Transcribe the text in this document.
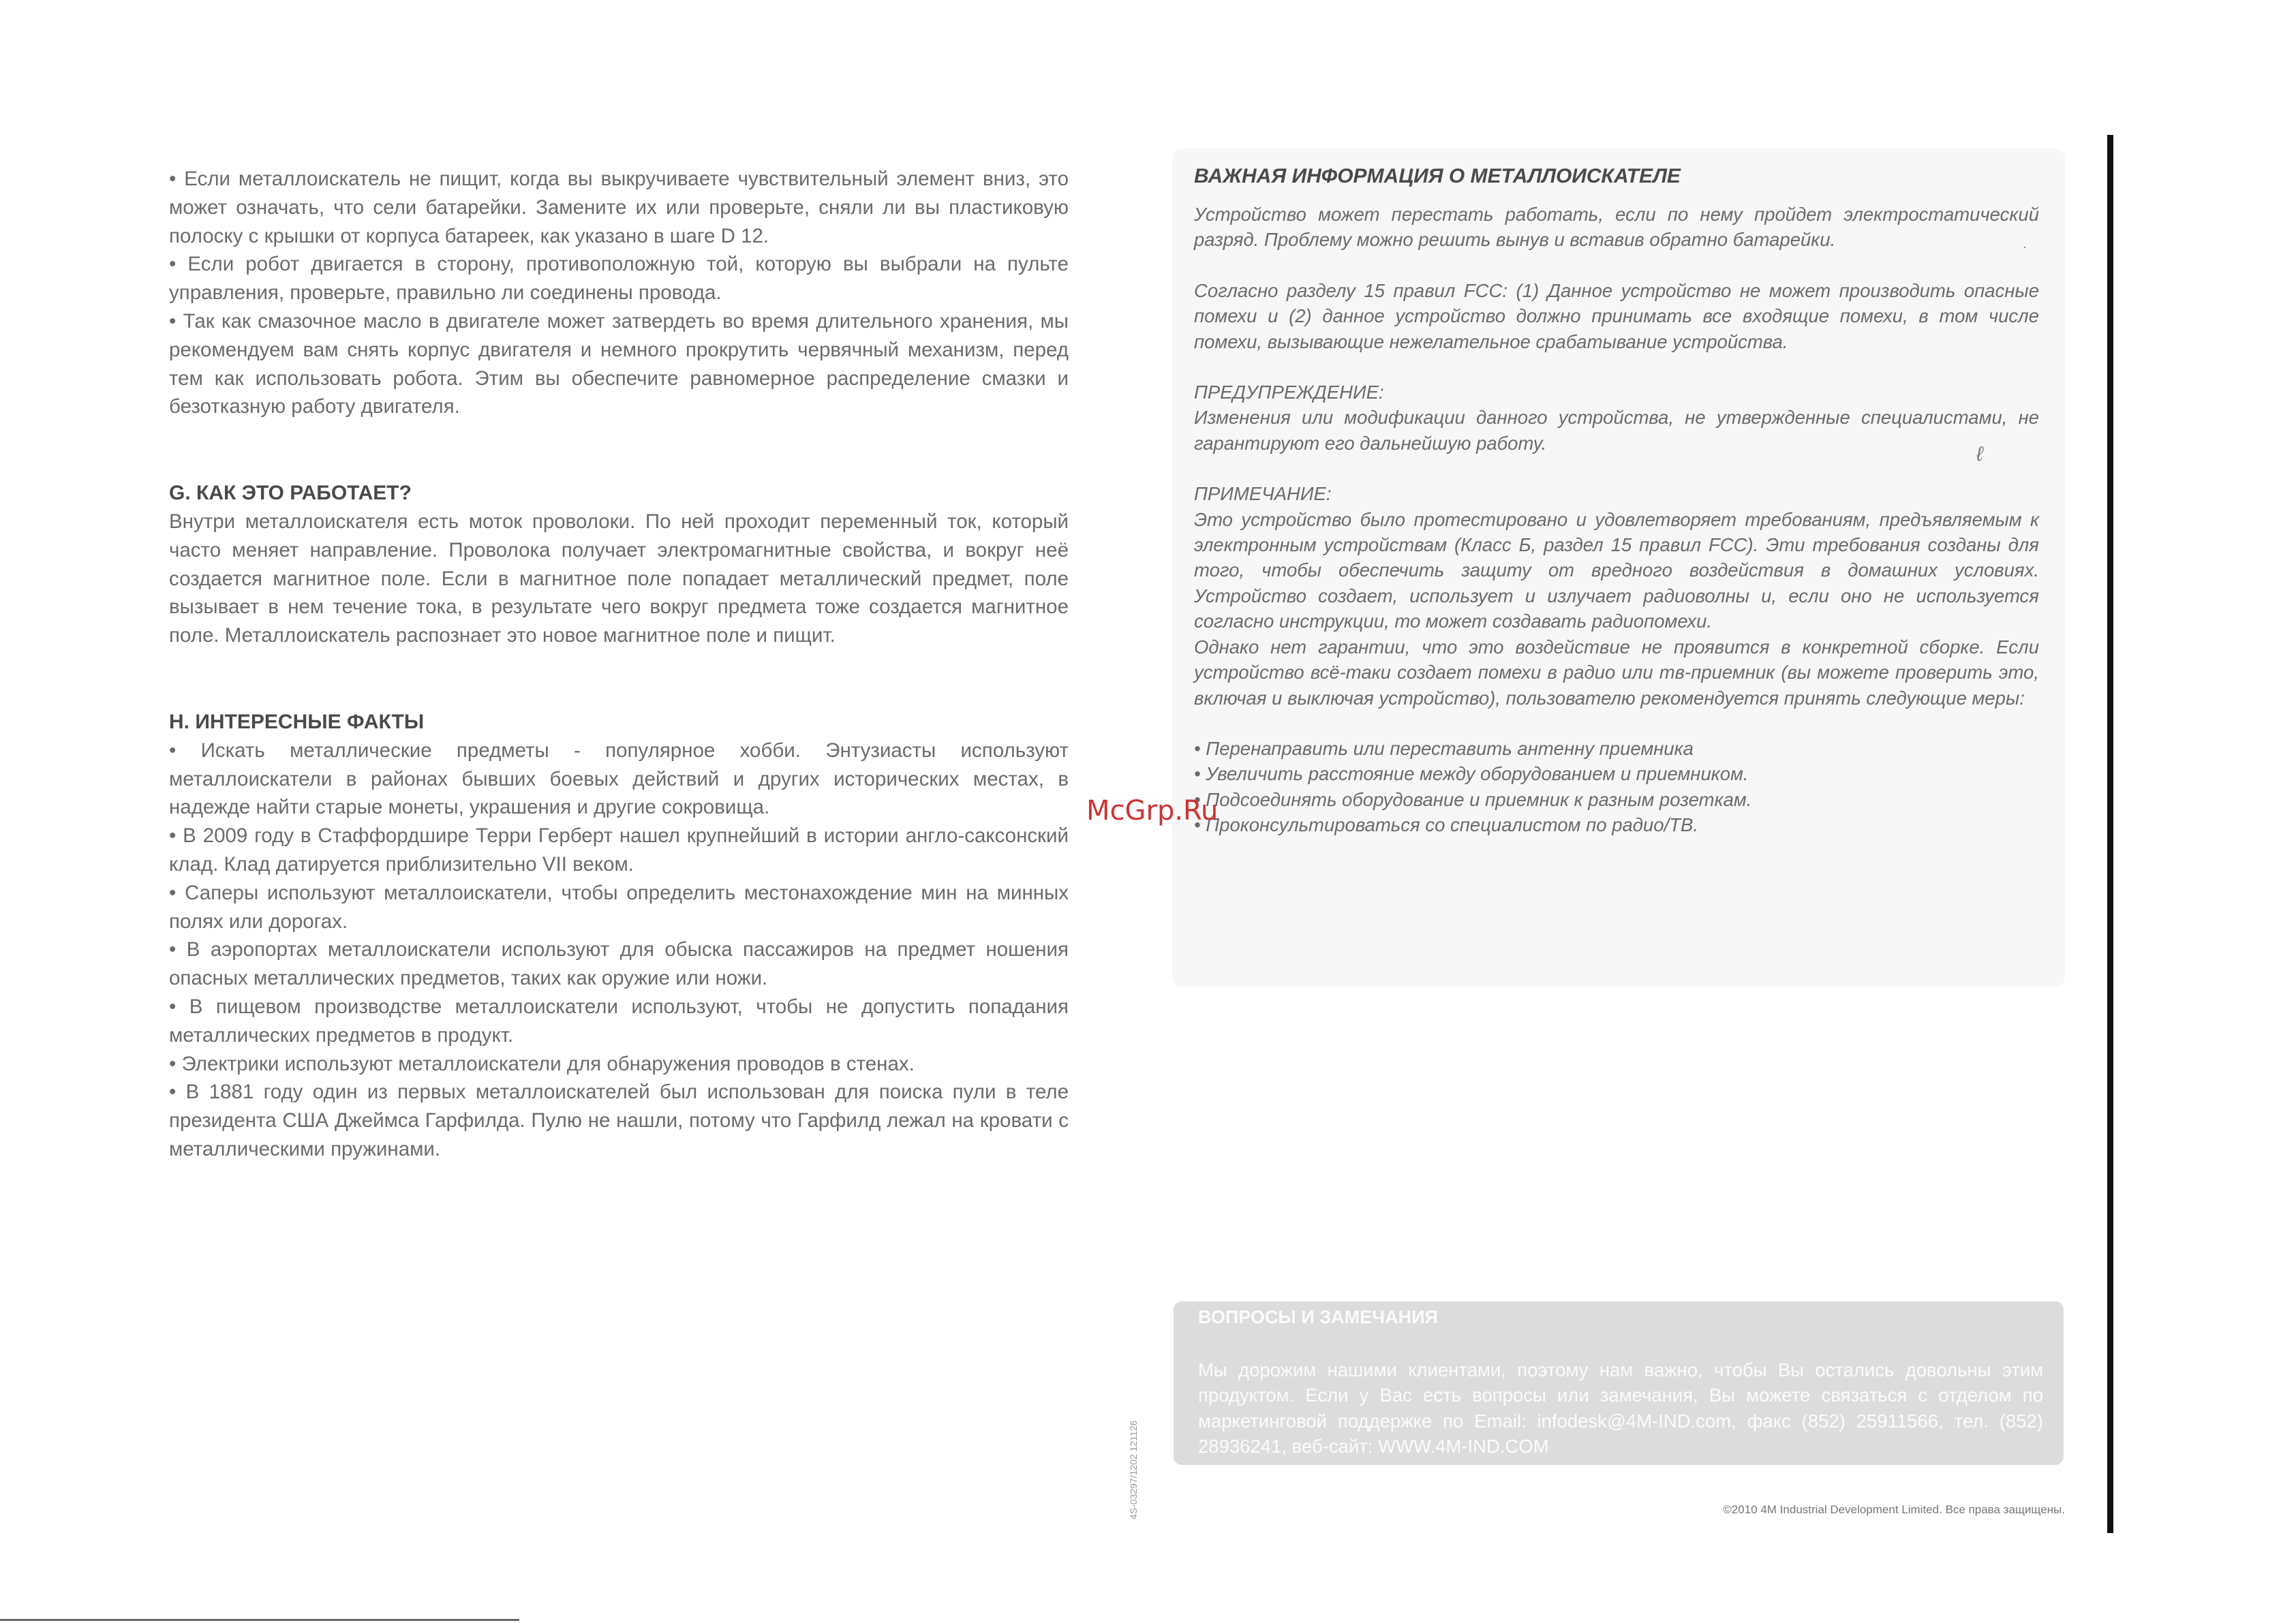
• Если металлоискатель не пищит, когда вы выкручиваете чувствительный элемент вниз, это может означать, что сели батарейки. Замените их или проверьте, сняли ли вы пластиковую полоску с крышки от корпуса батареек, как указано в шаге D 12.

• Если робот двигается в сторону, противоположную той, которую вы выбрали на пульте управления, проверьте, правильно ли соединены провода.

• Так как смазочное масло в двигателе может затвердеть во время длительного хранения, мы рекомендуем вам снять корпус двигателя и немного прокрутить червячный механизм, перед тем как использовать робота. Этим вы обеспечите равномерное распределение смазки и безотказную работу двигателя.

G. КАК ЭТО РАБОТАЕТ?

Внутри металлоискателя есть моток проволоки. По ней проходит переменный ток, который часто меняет направление. Проволока получает электромагнитные свойства, и вокруг неё создается магнитное поле. Если в магнитное поле попадает металлический предмет, поле вызывает в нем течение тока, в результате чего вокруг предмета тоже создается магнитное поле. Металлоискатель распознает это новое магнитное поле и пищит.

H. ИНТЕРЕСНЫЕ ФАКТЫ

• Искать металлические предметы - популярное хобби. Энтузиасты используют металлоискатели в районах бывших боевых действий и других исторических местах, в надежде найти старые монеты, украшения и другие сокровища.

• В 2009 году в Стаффордшире Терри Герберт нашел крупнейший в истории англо-саксонский клад. Клад датируется приблизительно VII веком.

• Саперы используют металлоискатели, чтобы определить местонахождение мин на минных полях или дорогах.

• В аэропортах металлоискатели используют для обыска пассажиров на предмет ношения опасных металлических предметов, таких как оружие или ножи.

• В пищевом производстве металлоискатели используют, чтобы не допустить попадания металлических предметов в продукт.

• Электрики используют металлоискатели для обнаружения проводов в стенах.

• В 1881 году один из первых металлоискателей был использован для поиска пули в теле президента США Джеймса Гарфилда. Пулю не нашли, потому что Гарфилд лежал на кровати с металлическими пружинами.

ВАЖНАЯ ИНФОРМАЦИЯ О МЕТАЛЛОИСКАТЕЛЕ

Устройство может перестать работать, если по нему пройдет электростатический разряд. Проблему можно решить вынув и вставив обратно батарейки.

Согласно разделу 15 правил FCC: (1) Данное устройство не может производить опасные помехи и (2) данное устройство должно принимать все входящие помехи, в том числе помехи, вызывающие нежелательное срабатывание устройства.

ПРЕДУПРЕЖДЕНИЕ:

Изменения или модификации данного устройства, не утвержденные специалистами, не гарантируют его дальнейшую работу.

ПРИМЕЧАНИЕ:

Это устройство было протестировано и удовлетворяет требованиям, предъявляемым к электронным устройствам (Класс Б, раздел 15 правил FCC). Эти требования созданы для того, чтобы обеспечить защиту от вредного воздействия в домашних условиях. Устройство создает, использует и излучает радиоволны и, если оно не используется согласно инструкции, то может создавать радиопомехи.

Однако нет гарантии, что это воздействие не проявится в конкретной сборке. Если устройство всё-таки создает помехи в радио или тв-приемник (вы можете проверить это, включая и выключая устройство), пользователю рекомендуется принять следующие меры:

• Перенаправить или переставить антенну приемника

• Увеличить расстояние между оборудованием и приемником.

• Подсоединять оборудование и приемник к разным розеткам.

• Проконсультироваться со специалистом по радио/ТВ.

·
ℓ
ВОПРОСЫ И ЗАМЕЧАНИЯ
Мы дорожим нашими клиентами, поэтому нам важно, чтобы Вы остались довольны этим продуктом. Если у Вас есть вопросы или замечания, Вы можете связаться с отделом по маркетинговой поддержке по Email: infodesk@4M-IND.com, факс (852) 25911566, тел. (852) 28936241, веб-сайт: WWW.4M-IND.COM
©2010 4M Industrial Development Limited. Все права защищены.
4S-03297/1202 121126
McGrp.Ru
